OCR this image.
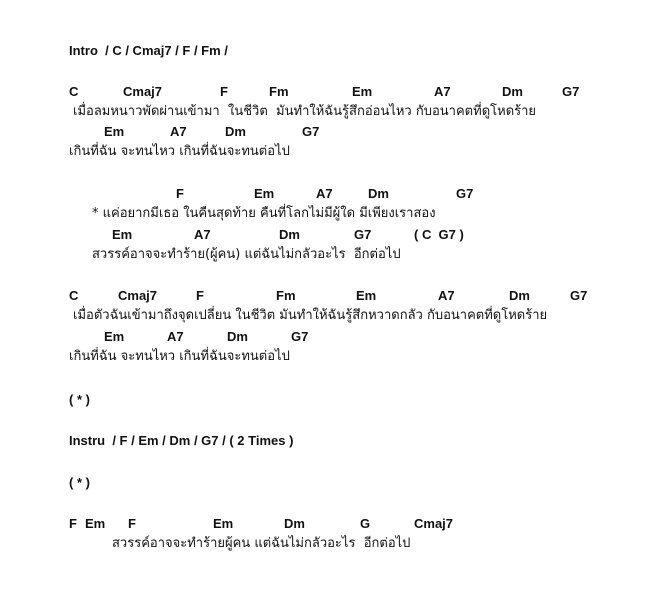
Intro  / C / Cmaj7 / F / Fm /
C	Cmaj7	F	Fm	Em	A7	Dm	G7
เมื่อลมหนาวพัดผ่านเข้ามา  ในชีวิต  มันทำให้ฉันรู้สึกอ่อนไหว กับอนาคตที่ดูโหดร้าย
Em	A7	Dm	G7
เกินที่ฉัน จะทนไหว เกินที่ฉันจะทนต่อไป
F	Em	A7	Dm	G7
* แค่อยากมีเธอ ในคืนสุดท้าย คืนที่โลกไม่มีผู้ใด มีเพียงเราสอง
Em	A7	Dm	G7	( C  G7 )
สวรรค์อาจจะทำร้าย(ผู้คน) แต่ฉันไม่กลัวอะไร  อีกต่อไป
C	Cmaj7	F	Fm	Em	A7	Dm	G7
เมื่อตัวฉันเข้ามาถึงจุดเปลี่ยน ในชีวิต มันทำให้ฉันรู้สึกหวาดกลัว กับอนาคตที่ดูโหดร้าย
Em	A7	Dm	G7
เกินที่ฉัน จะทนไหว เกินที่ฉันจะทนต่อไป
( * )
Instru  / F / Em / Dm / G7 / ( 2 Times )
( * )
F Em F	Em	Dm	G	Cmaj7
สวรรค์อาจจะทำร้ายผู้คน แต่ฉันไม่กลัวอะไร  อีกต่อไป
